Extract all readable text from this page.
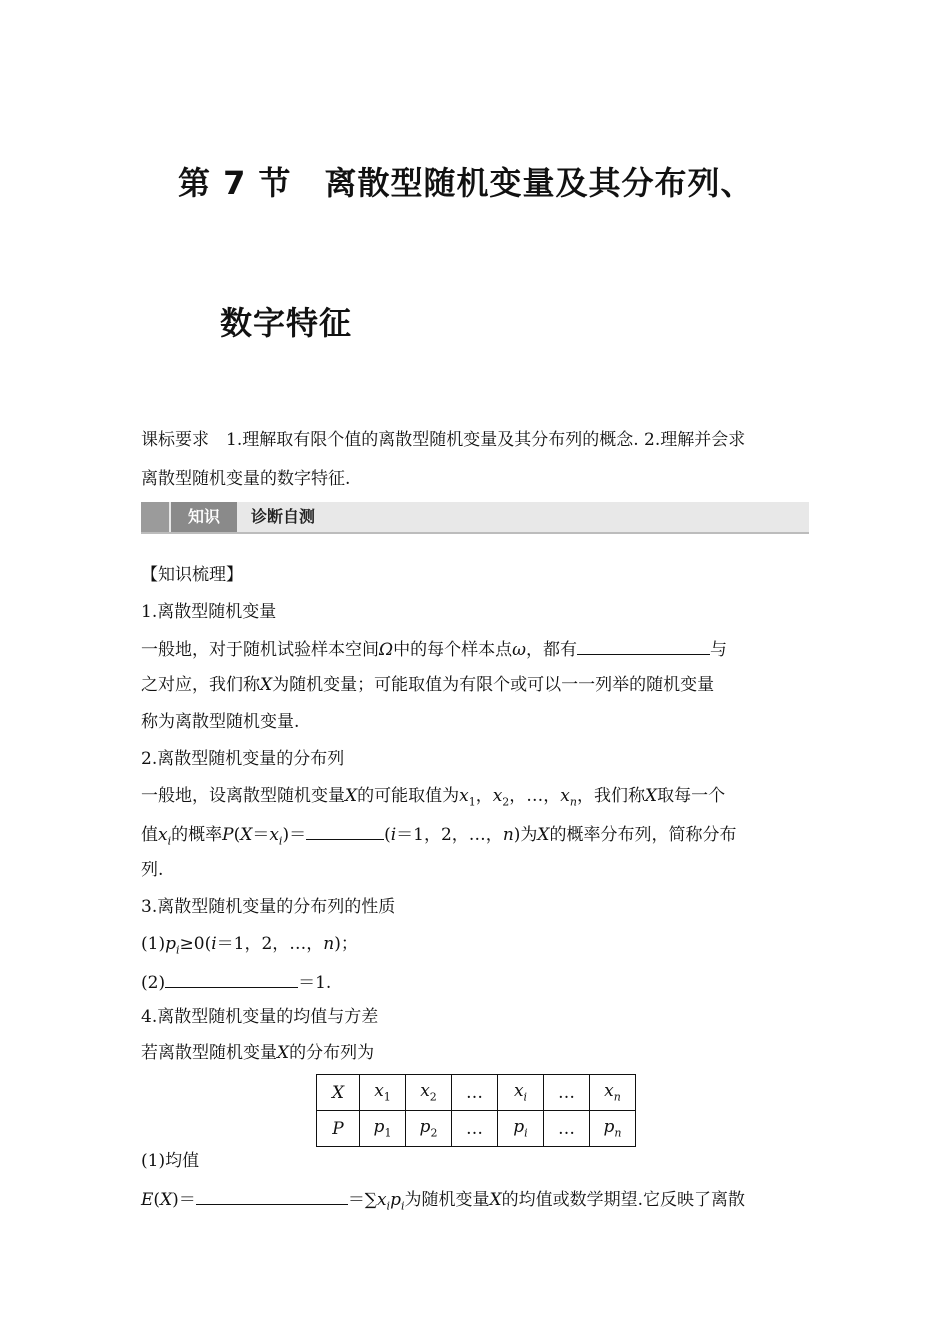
第 7 节　离散型随机变量及其分布列、
数字特征
课标要求　1.理解取有限个值的离散型随机变量及其分布列的概念. 2.理解并会求
离散型随机变量的数字特征.
知识	诊断自测
【知识梳理】
1.离散型随机变量
一般地，对于随机试验样本空间Ω中的每个样本点ω，都有	与
之对应，我们称X为随机变量；可能取值为有限个或可以一一列举的随机变量
称为离散型随机变量.
2.离散型随机变量的分布列
一般地，设离散型随机变量X的可能取值为$x_1$，$x_2$，…，$x_n$，我们称X取每一个
值$x_i$的概率$P(X=x_i)=$	(i＝1，2，…，n)为X的概率分布列，简称分布
列.
3.离散型随机变量的分布列的性质
$(1)p_i\ge 0(i=1$，2，…，n)；
(2)	＝1.
4.离散型随机变量的均值与方差
若离散型随机变量X的分布列为
X	$x_1$	$x_2$	…	$x_i$	…	$x_n$
P	$p_1$	$p_2$	…	$p_i$	…	$p_n$
(1)均值
E(X)＝	$=\sum x_ip_i$为随机变量X的均值或数学期望.它反映了离散
